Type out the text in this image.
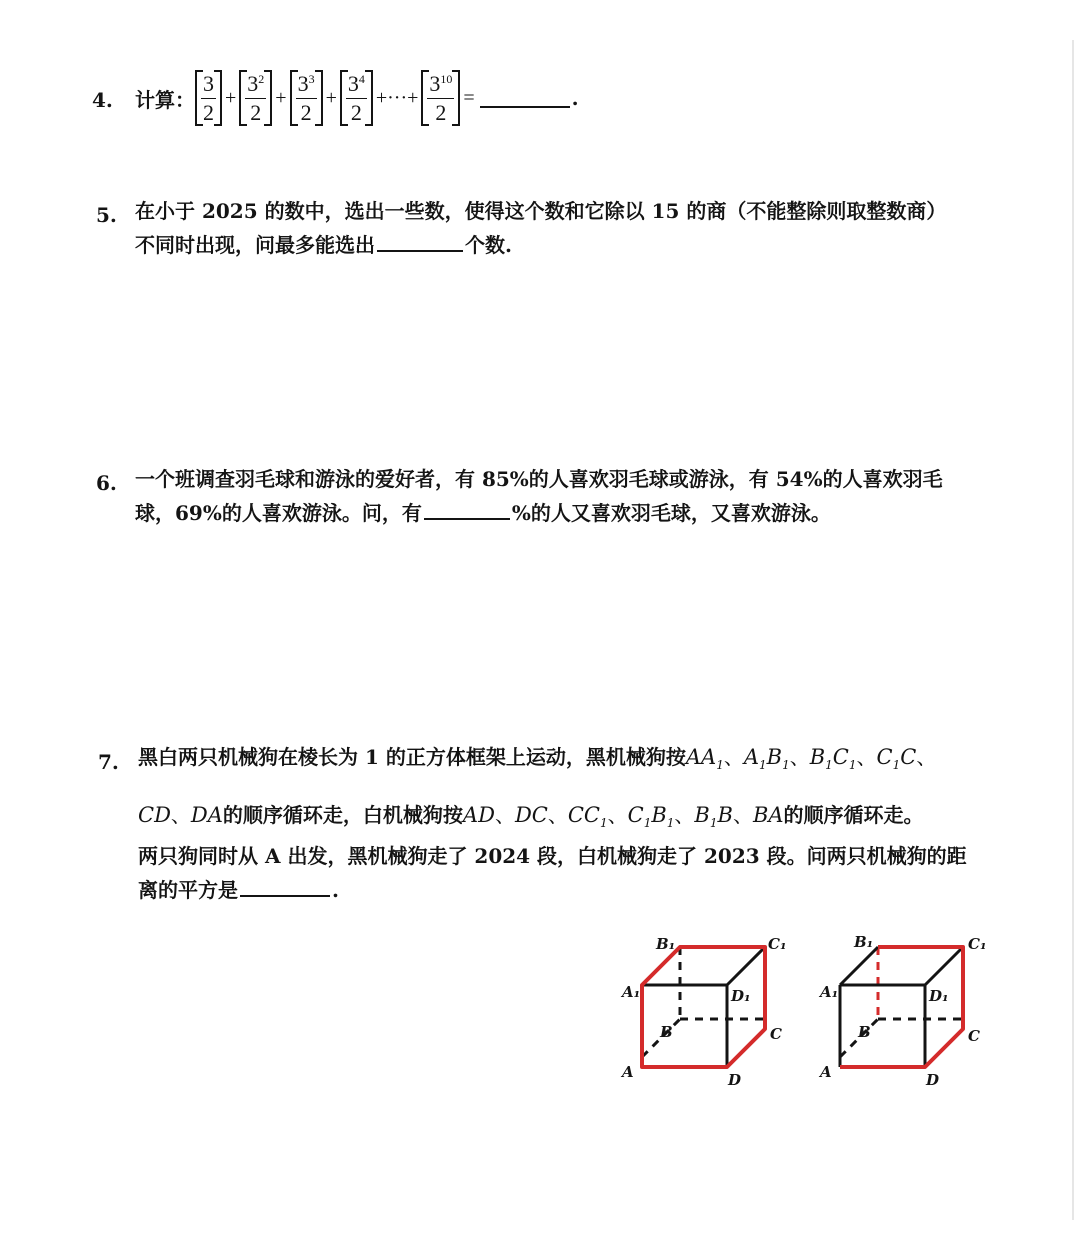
4. 计算： $\frac{3}{2} + \frac{3^2}{2} + \frac{3^3}{2} + \frac{3^4}{2}$ +···+ $\frac{3^{10}}{2}$ =	.
5. 在小于 2025 的数中，选出一些数，使得这个数和它除以 15 的商（不能整除则取整数商）
不同时出现，问最多能选出	个数.
6. 一个班调查羽毛球和游泳的爱好者，有 85%的人喜欢羽毛球或游泳，有 54%的人喜欢羽毛
球，69%的人喜欢游泳。问，有	%的人又喜欢羽毛球，又喜欢游泳。
7. 黑白两只机械狗在棱长为 1 的正方体框架上运动，黑机械狗按$AA_1$、$A_1B_1$、$B_1C_1$、$C_1C$、
CD、DA的顺序循环走，白机械狗按AD、DC、$CC_1$、$C_1B_1$、$B_1B$、BA的顺序循环走。
两只狗同时从 A 出发，黑机械狗走了 2024 段，白机械狗走了 2023 段。问两只机械狗的距
离的平方是	.
A
B	C
D
A₁
B₁	C₁
D₁
A
B	C
D
A₁
B₁	C₁
D₁
